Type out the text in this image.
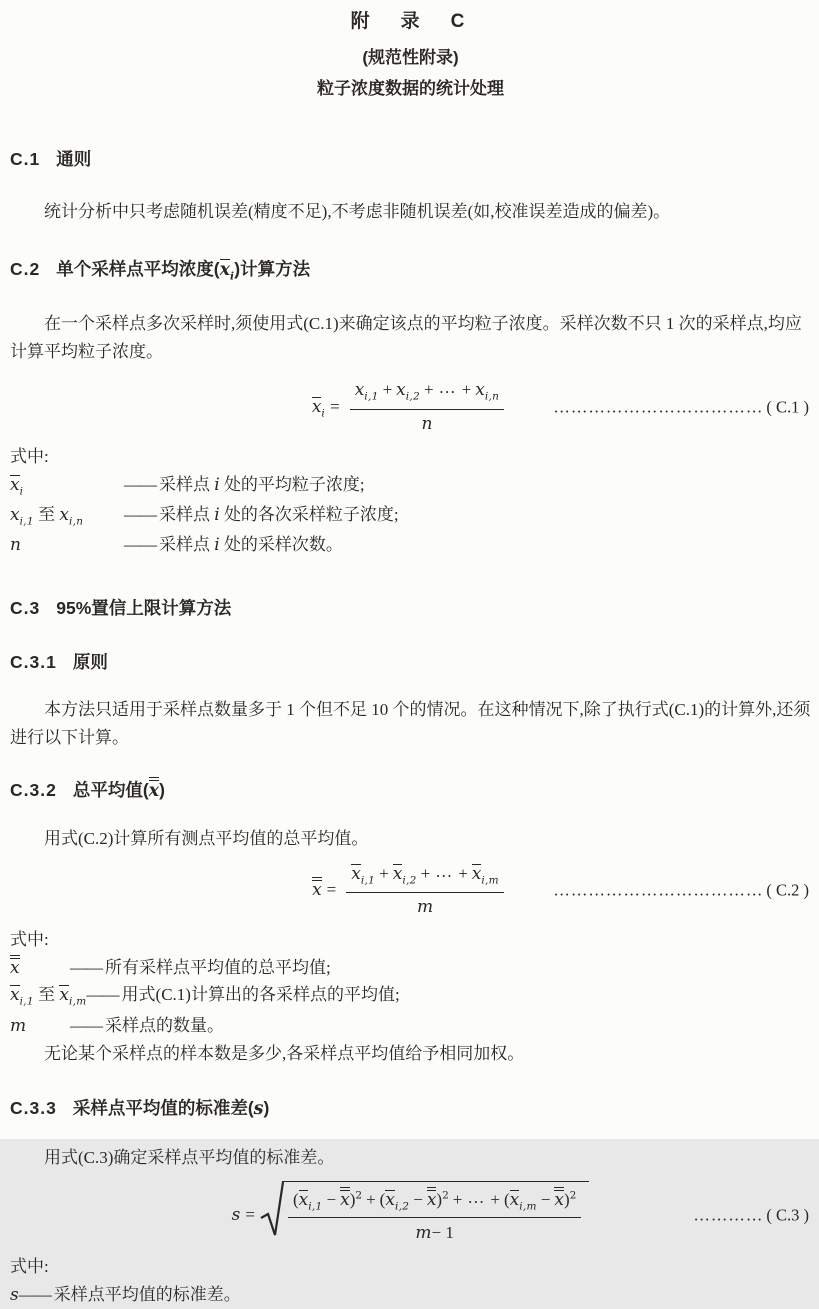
附　录　C
(规范性附录)
粒子浓度数据的统计处理
C.1 通则

统计分析中只考虑随机误差(精度不足),不考虑非随机误差(如,校准误差造成的偏差)。

C.2 单个采样点平均浓度$(x_i)$计算方法

在一个采样点多次采样时,须使用式(C.1)来确定该点的平均粒子浓度。采样次数不只 1 次的采样点,均应计算平均粒子浓度。

$x_i = \frac{x_{i,1} + x_{i,2} + \dots + x_{i,n}}{n}$	……………………………… ( C.1 )

式中:

$x_i$	—— 采样点 i 处的平均粒子浓度;
$x_{i,1}$ 至 $x_{i,n}$	—— 采样点 i 处的各次采样粒子浓度;
n	—— 采样点 i 处的采样次数。
C.3 95%置信上限计算方法
C.3.1 原则

本方法只适用于采样点数量多于 1 个但不足 10 个的情况。在这种情况下,除了执行式(C.1)的计算外,还须进行以下计算。

C.3.2 总平均值(x)

用式(C.2)计算所有测点平均值的总平均值。

$x = \frac{x_{i,1} + x_{i,2} + \dots + x_{i,m}}{m}$	……………………………… ( C.2 )

式中:

x	—— 所有采样点平均值的总平均值;
$x_{i,1}$ 至 $x_{i,m}$ —— 用式(C.1)计算出的各采样点的平均值;
m	—— 采样点的数量。

无论某个采样点的样本数是多少,各采样点平均值给予相同加权。

C.3.3 采样点平均值的标准差(s)

用式(C.3)确定采样点平均值的标准差。

$s = \frac{(x_{i,1} - x)^2 + (x_{i,2} - x)^2 + \dots + (x_{i,m} - x)^2}{m- 1}$	………… ( C.3 )

式中:

s —— 采样点平均值的标准差。
